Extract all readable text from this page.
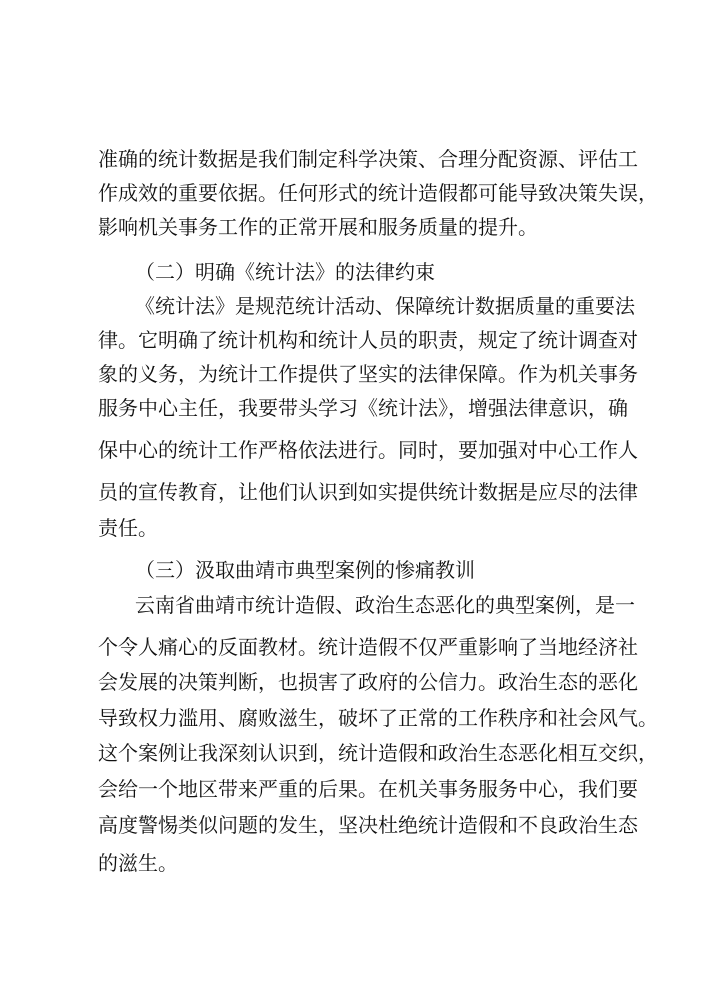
准确的统计数据是我们制定科学决策、合理分配资源、评估工
作成效的重要依据。任何形式的统计造假都可能导致决策失误，
影响机关事务工作的正常开展和服务质量的提升。
（二）明确《统计法》的法律约束
《统计法》是规范统计活动、保障统计数据质量的重要法
律。它明确了统计机构和统计人员的职责，规定了统计调查对
象的义务，为统计工作提供了坚实的法律保障。作为机关事务
服务中心主任，我要带头学习《统计法》，增强法律意识，确
保中心的统计工作严格依法进行。同时，要加强对中心工作人
员的宣传教育，让他们认识到如实提供统计数据是应尽的法律
责任。
（三）汲取曲靖市典型案例的惨痛教训
云南省曲靖市统计造假、政治生态恶化的典型案例，是一
个令人痛心的反面教材。统计造假不仅严重影响了当地经济社
会发展的决策判断，也损害了政府的公信力。政治生态的恶化
导致权力滥用、腐败滋生，破坏了正常的工作秩序和社会风气。
这个案例让我深刻认识到，统计造假和政治生态恶化相互交织，
会给一个地区带来严重的后果。在机关事务服务中心，我们要
高度警惕类似问题的发生，坚决杜绝统计造假和不良政治生态
的滋生。
